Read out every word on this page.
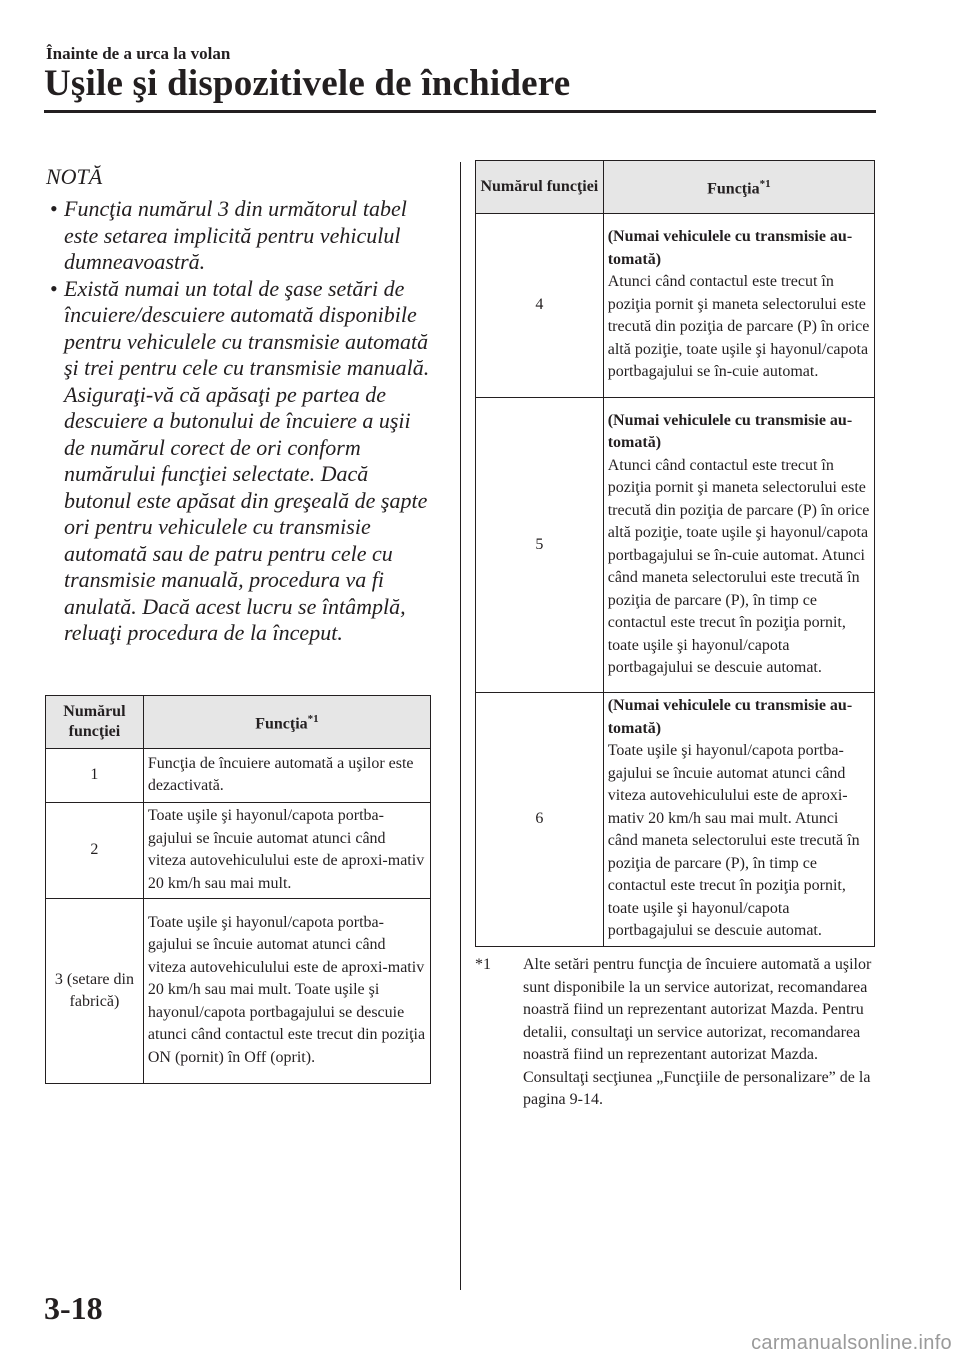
Înainte de a urca la volan
Uşile şi dispozitivele de închidere
NOTĂ
• Funcţia numărul 3 din următorul tabel este setarea implicită pentru vehiculul dumneavoastră.
• Există numai un total de şase setări de încuiere/descuiere automată disponibile pentru vehiculele cu transmisie automată şi trei pentru cele cu transmisie manuală. Asiguraţi-vă că apăsaţi pe partea de descuiere a butonului de încuiere a uşii de numărul corect de ori conform numărului funcţiei selectate. Dacă butonul este apăsat din greşeală de şapte ori pentru vehiculele cu transmisie automată sau de patru pentru cele cu transmisie manuală, procedura va fi anulată. Dacă acest lucru se întâmplă, reluaţi procedura de la început.
Numărul funcţiei	Funcţia$^{*1}$
1	Funcţia de încuiere automată a uşilor este dezactivată.
2	Toate uşile şi hayonul/capota portba-gajului se încuie automat atunci când viteza autovehiculului este de aproxi-mativ 20 km/h sau mai mult.
3 (setare din fabrică)	Toate uşile şi hayonul/capota portba-gajului se încuie automat atunci când viteza autovehiculului este de aproxi-mativ 20 km/h sau mai mult. Toate uşile şi hayonul/capota portbagajului se descuie atunci când contactul este trecut din poziţia ON (pornit) în Off (oprit).
Numărul funcţiei	Funcţia$^{*1}$
4	(Numai vehiculele cu transmisie au-tomată)
Atunci când contactul este trecut în poziţia pornit şi maneta selectorului este trecută din poziţia de parcare (P) în orice altă poziţie, toate uşile şi hayonul/capota portbagajului se în-cuie automat.
5	(Numai vehiculele cu transmisie au-tomată)
Atunci când contactul este trecut în poziţia pornit şi maneta selectorului este trecută din poziţia de parcare (P) în orice altă poziţie, toate uşile şi hayonul/capota portbagajului se în-cuie automat. Atunci când maneta selectorului este trecută în poziţia de parcare (P), în timp ce contactul este trecut în poziţia pornit, toate uşile şi hayonul/capota portbagajului se descuie automat.
6	(Numai vehiculele cu transmisie au-tomată)
Toate uşile şi hayonul/capota portba-gajului se încuie automat atunci când viteza autovehiculului este de aproxi-mativ 20 km/h sau mai mult. Atunci când maneta selectorului este trecută în poziţia de parcare (P), în timp ce contactul este trecut în poziţia pornit, toate uşile şi hayonul/capota portbagajului se descuie automat.
*1	Alte setări pentru funcţia de încuiere automată a uşilor sunt disponibile la un service autorizat, recomandarea noastră fiind un reprezentant autorizat Mazda. Pentru detalii, consultaţi un service autorizat, recomandarea noastră fiind un reprezentant autorizat Mazda. Consultaţi secţiunea „Funcţiile de personalizare” de la pagina 9-14.
3-18
carmanualsonline.info
